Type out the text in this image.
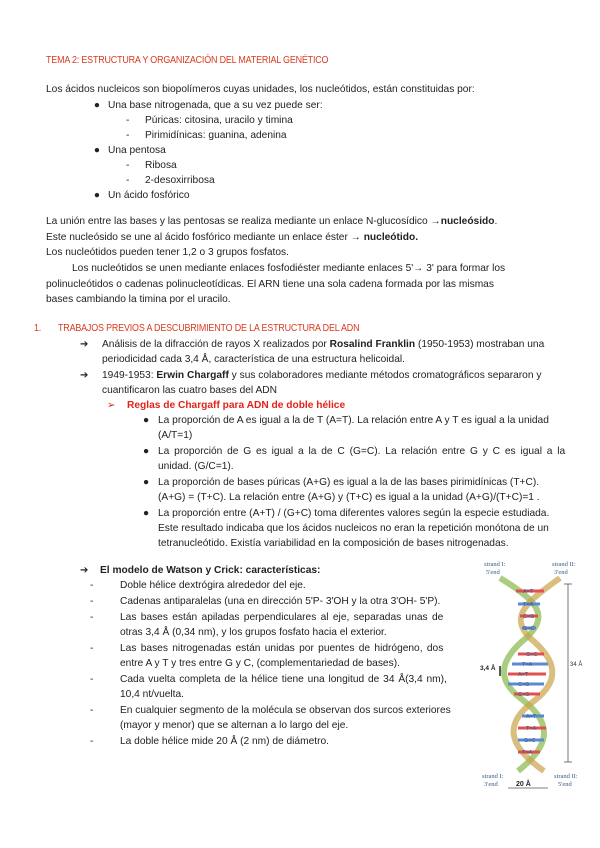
TEMA 2: ESTRUCTURA Y ORGANIZACIÓN DEL MATERIAL GENÉTICO
Los ácidos nucleicos son biopolímeros cuyas unidades, los nucleótidos, están constituidas por:
● Una base nitrogenada, que a su vez puede ser:
- Púricas: citosina, uracilo y timina
- Pirimidínicas: guanina, adenina
● Una pentosa
- Ribosa
- 2-desoxirribosa
● Un ácido fosfórico
La unión entre las bases y las pentosas se realiza mediante un enlace N-glucosídico →nucleósido.
Este nucleósido se une al ácido fosfórico mediante un enlace éster → nucleótido.
Los nucleótidos pueden tener 1,2 o 3 grupos fosfatos.
Los nucleótidos se unen mediante enlaces fosfodiéster mediante enlaces 5'→ 3' para formar los
polinucleótidos o cadenas polinucleotídicas. El ARN tiene una sola cadena formada por las mismas
bases cambiando la timina por el uracilo.
1. TRABAJOS PREVIOS A DESCUBRIMIENTO DE LA ESTRUCTURA DEL ADN
➔ Análisis de la difracción de rayos X realizados por Rosalind Franklin (1950-1953) mostraban una
periodicidad cada 3,4 Å, característica de una estructura helicoidal.
➔ 1949-1953: Erwin Chargaff y sus colaboradores mediante métodos cromatográficos separaron y
cuantificaron las cuatro bases del ADN
➢ Reglas de Chargaff para ADN de doble hélice
● La proporción de A es igual a la de T (A=T). La relación entre A y T es igual a la unidad
(A/T=1)
● La proporción de G es igual a la de C (G=C). La relación entre G y C es igual a la
unidad. (G/C=1).
● La proporción de bases púricas (A+G) es igual a la de las bases pirimidínicas (T+C).
(A+G) = (T+C). La relación entre (A+G) y (T+C) es igual a la unidad (A+G)/(T+C)=1 .
● La proporción entre (A+T) / (G+C) toma diferentes valores según la especie estudiada.
Este resultado indicaba que los ácidos nucleicos no eran la repetición monótona de un
tetranucleótido. Existía variabilidad en la composición de bases nitrogenadas.
➔ El modelo de Watson y Crick: características:
-	Doble hélice dextrógira alrededor del eje.
-	Cadenas antiparalelas (una en dirección 5'P- 3'OH y la otra 3'OH- 5'P).
-	Las bases están apiladas perpendiculares al eje, separadas unas de
otras 3,4 Å (0,34 nm), y los grupos fosfato hacia el exterior.
-	Las bases nitrogenadas están unidas por puentes de hidrógeno, dos
entre A y T y tres entre G y C, (complementariedad de bases).
-	Cada vuelta completa de la hélice tiene una longitud de 34 Å(3,4 nm),
10,4 nt/vuelta.
-	En cualquier segmento de la molécula se observan dos surcos exteriores
(mayor y menor) que se alternan a lo largo del eje.
-	La doble hélice mide 20 Å (2 nm) de diámetro.
strand I:
5'end
strand II:
3'end
A=T
T=A
C≡G
G≡C
G≡C
T=A
A=T
C≡G
C≡G
A=T
T=A
G≡C
T=A
34 Å
3,4 Å
strand I:
3'end
strand II:
5'end
20 Å
